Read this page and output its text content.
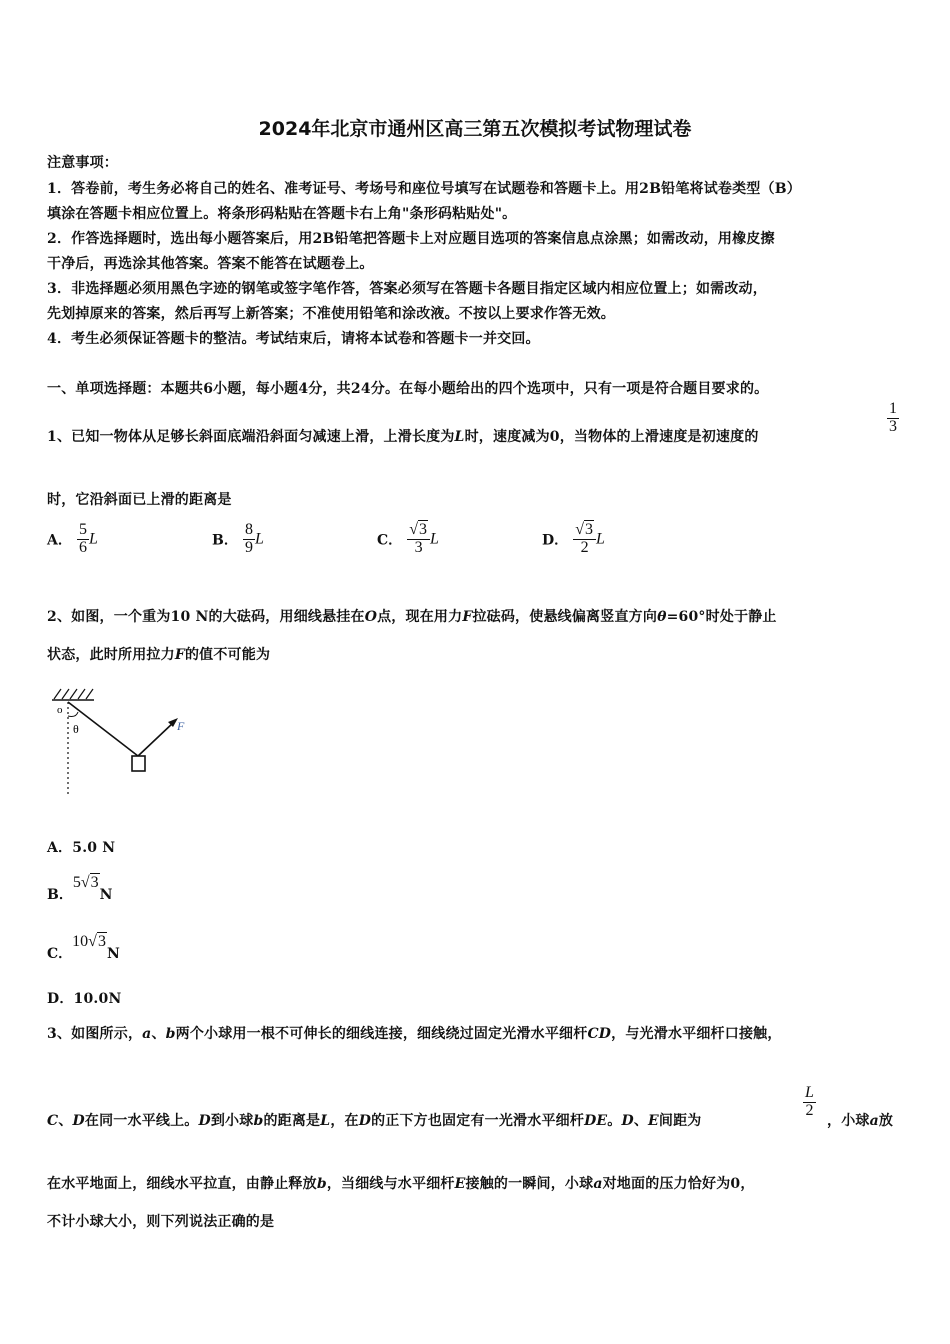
2024年北京市通州区高三第五次模拟考试物理试卷
注意事项：
1．答卷前，考生务必将自己的姓名、准考证号、考场号和座位号填写在试题卷和答题卡上。用2B铅笔将试卷类型（B）
填涂在答题卡相应位置上。将条形码粘贴在答题卡右上角"条形码粘贴处"。
2．作答选择题时，选出每小题答案后，用2B铅笔把答题卡上对应题目选项的答案信息点涂黑；如需改动，用橡皮擦
干净后，再选涂其他答案。答案不能答在试题卷上。
3．非选择题必须用黑色字迹的钢笔或签字笔作答，答案必须写在答题卡各题目指定区域内相应位置上；如需改动，
先划掉原来的答案，然后再写上新答案；不准使用铅笔和涂改液。不按以上要求作答无效。
4．考生必须保证答题卡的整洁。考试结束后，请将本试卷和答题卡一并交回。
一、单项选择题：本题共6小题，每小题4分，共24分。在每小题给出的四个选项中，只有一项是符合题目要求的。
1、已知一物体从足够长斜面底端沿斜面匀减速上滑，上滑长度为L时，速度减为0，当物体的上滑速度是初速度的
$\frac{1}{3}$
时，它沿斜面已上滑的距离是
A． $\frac{5}{6}$ L	B． $\frac{8}{9}$ L	C． $\frac{√3}{3}$ L	D． $\frac{√3}{2}$ L
2、如图，一个重为10 N的大砝码，用细线悬挂在O点，现在用力F拉砝码，使悬线偏离竖直方向θ=60°时处于静止
状态，此时所用拉力F的值不可能为
o
θ	F
A．5.0 N
B．5√3N
C．10√3N
D．10.0N
3、如图所示，a、b两个小球用一根不可伸长的细线连接，细线绕过固定光滑水平细杆CD，与光滑水平细杆口接触，
C、D在同一水平线上。D到小球b的距离是L，在D的正下方也固定有一光滑水平细杆DE。D、E间距为
$\frac{L}{2}$
，小球a放
在水平地面上，细线水平拉直，由静止释放b，当细线与水平细杆E接触的一瞬间，小球a对地面的压力恰好为0，
不计小球大小，则下列说法正确的是
